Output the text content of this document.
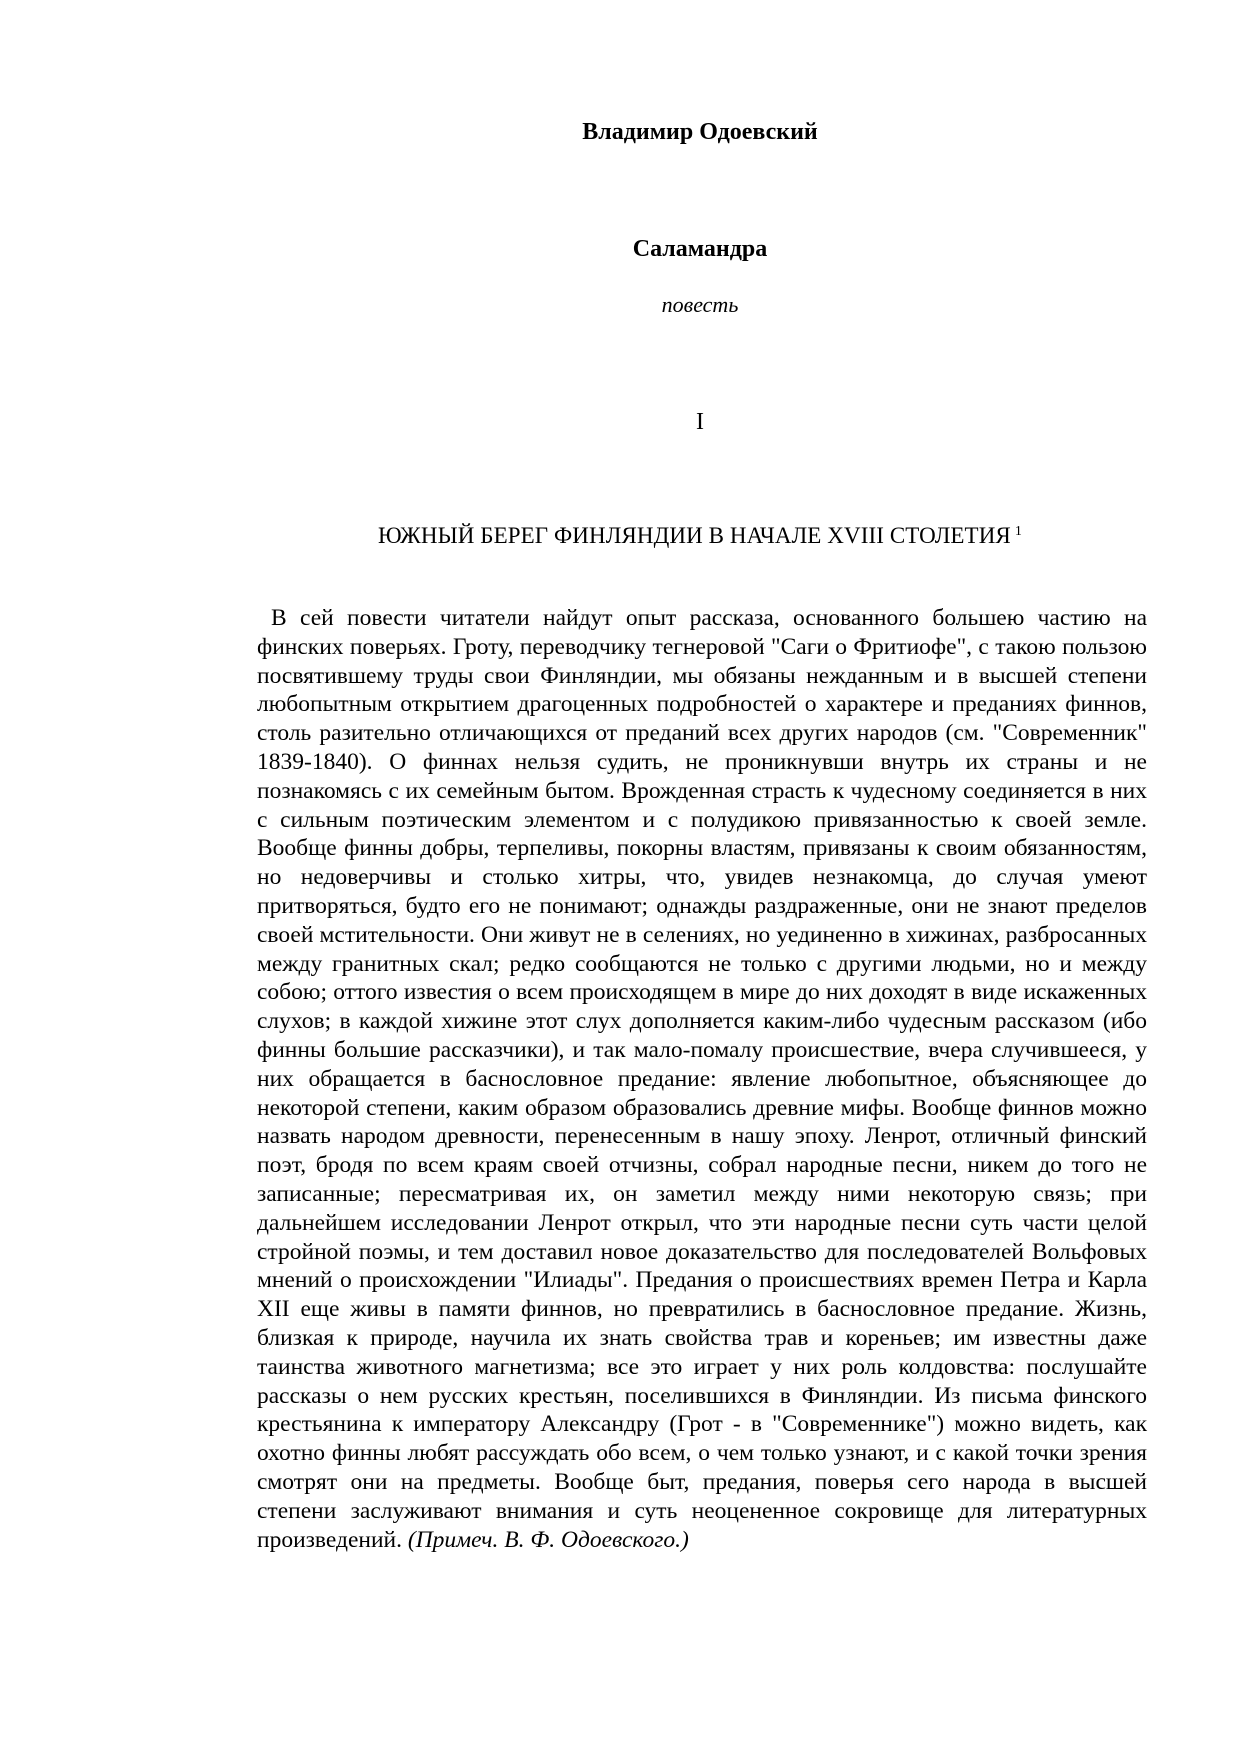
Владимир Одоевский
Саламандра
повесть
I
ЮЖНЫЙ БЕРЕГ ФИНЛЯНДИИ В НАЧАЛЕ XVIII СТОЛЕТИЯ $^1$

В сей повести читатели найдут опыт рассказа, основанного большею частию на финских поверьях. Гроту, переводчику тегнеровой "Саги о Фритиофе", с такою пользою посвятившему труды свои Финляндии, мы обязаны нежданным и в высшей степени любопытным открытием драгоценных подробностей о характере и преданиях финнов, столь разительно отличающихся от преданий всех других народов (см. "Современник" 1839-1840). О финнах нельзя судить, не проникнувши внутрь их страны и не познакомясь с их семейным бытом. Врожденная страсть к чудесному соединяется в них с сильным поэтическим элементом и с полудикою привязанностью к своей земле. Вообще финны добры, терпеливы, покорны властям, привязаны к своим обязанностям, но недоверчивы и столько хитры, что, увидев незнакомца, до случая умеют притворяться, будто его не понимают; однажды раздраженные, они не знают пределов своей мстительности. Они живут не в селениях, но уединенно в хижинах, разбросанных между гранитных скал; редко сообщаются не только с другими людьми, но и между собою; оттого известия о всем происходящем в мире до них доходят в виде искаженных слухов; в каждой хижине этот слух дополняется каким-либо чудесным рассказом (ибо финны большие рассказчики), и так мало-помалу происшествие, вчера случившееся, у них обращается в баснословное предание: явление любопытное, объясняющее до некоторой степени, каким образом образовались древние мифы. Вообще финнов можно назвать народом древности, перенесенным в нашу эпоху. Ленрот, отличный финский поэт, бродя по всем краям своей отчизны, собрал народные песни, никем до того не записанные; пересматривая их, он заметил между ними некоторую связь; при дальнейшем исследовании Ленрот открыл, что эти народные песни суть части целой стройной поэмы, и тем доставил новое доказательство для последователей Вольфовых мнений о происхождении "Илиады". Предания о происшествиях времен Петра и Карла XII еще живы в памяти финнов, но превратились в баснословное предание. Жизнь, близкая к природе, научила их знать свойства трав и кореньев; им известны даже таинства животного магнетизма; все это играет у них роль колдовства: послушайте рассказы о нем русских крестьян, поселившихся в Финляндии. Из письма финского крестьянина к императору Александру (Грот - в "Современнике") можно видеть, как охотно финны любят рассуждать обо всем, о чем только узнают, и с какой точки зрения смотрят они на предметы. Вообще быт, предания, поверья сего народа в высшей степени заслуживают внимания и суть неоцененное сокровище для литературных произведений. (Примеч. В. Ф. Одоевского.)
